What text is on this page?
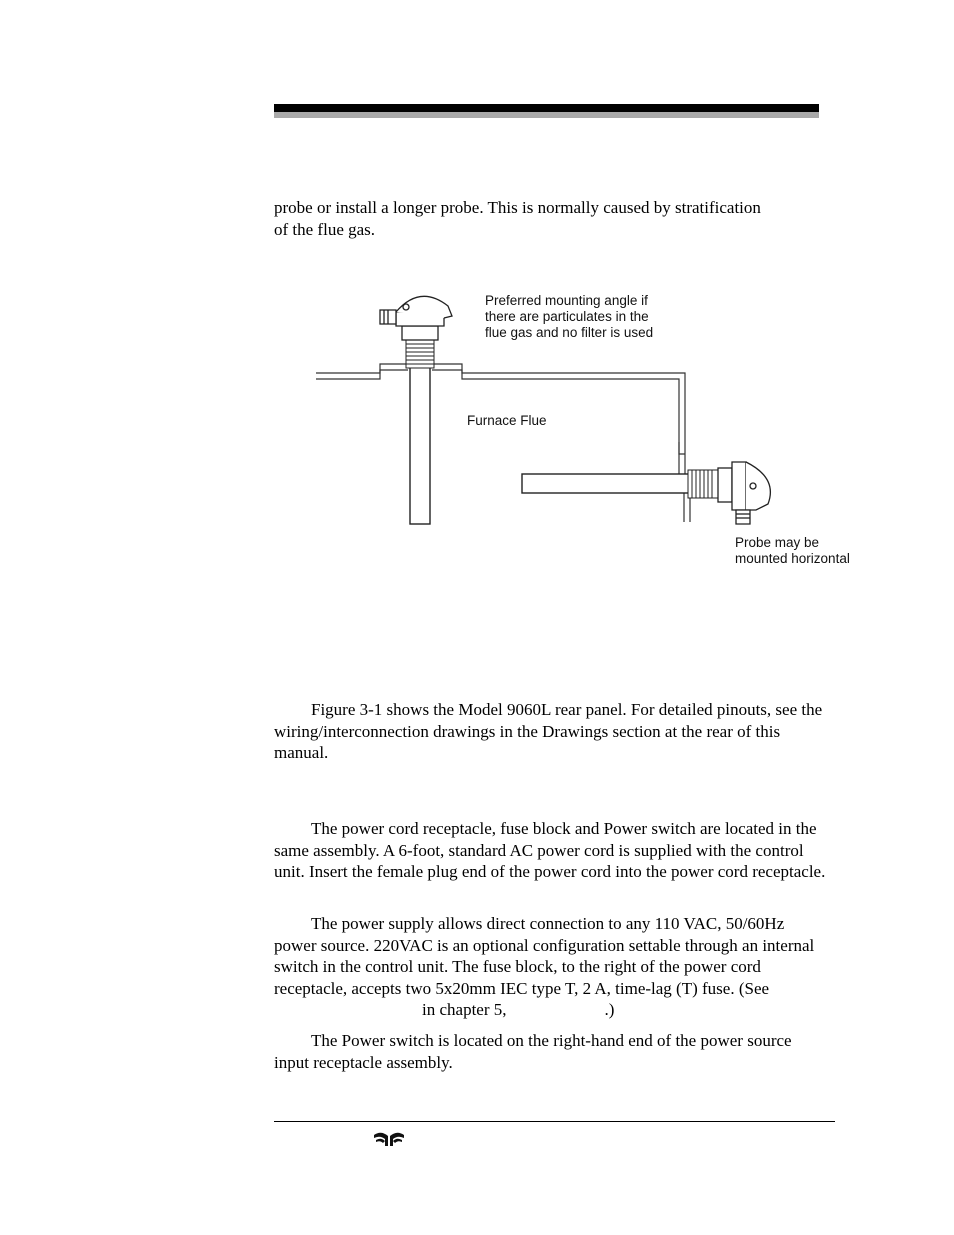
probe or install a longer probe. This is normally caused by stratification
of the flue gas.

Preferred mounting angle if
there are particulates in the
flue gas and no filter is used
Furnace Flue
Probe may be
mounted horizontal

Figure 3-1 shows the Model 9060L rear panel. For detailed pinouts, see the wiring/interconnection drawings in the Drawings section at the rear of this manual.

The power cord receptacle, fuse block and Power switch are located in the same assembly. A 6-foot, standard AC power cord is supplied with the control unit. Insert the female plug end of the power cord into the power cord receptacle.

The power supply allows direct connection to any 110 VAC, 50/60Hz power source. 220VAC is an optional configuration settable through an internal switch in the control unit. The fuse block, to the right of the power cord receptacle, accepts two 5x20mm IEC type T, 2 A, time-lag (T) fuse. (Seein chapter 5,	.)

The Power switch is located on the right-hand end of the power source input receptacle assembly.
